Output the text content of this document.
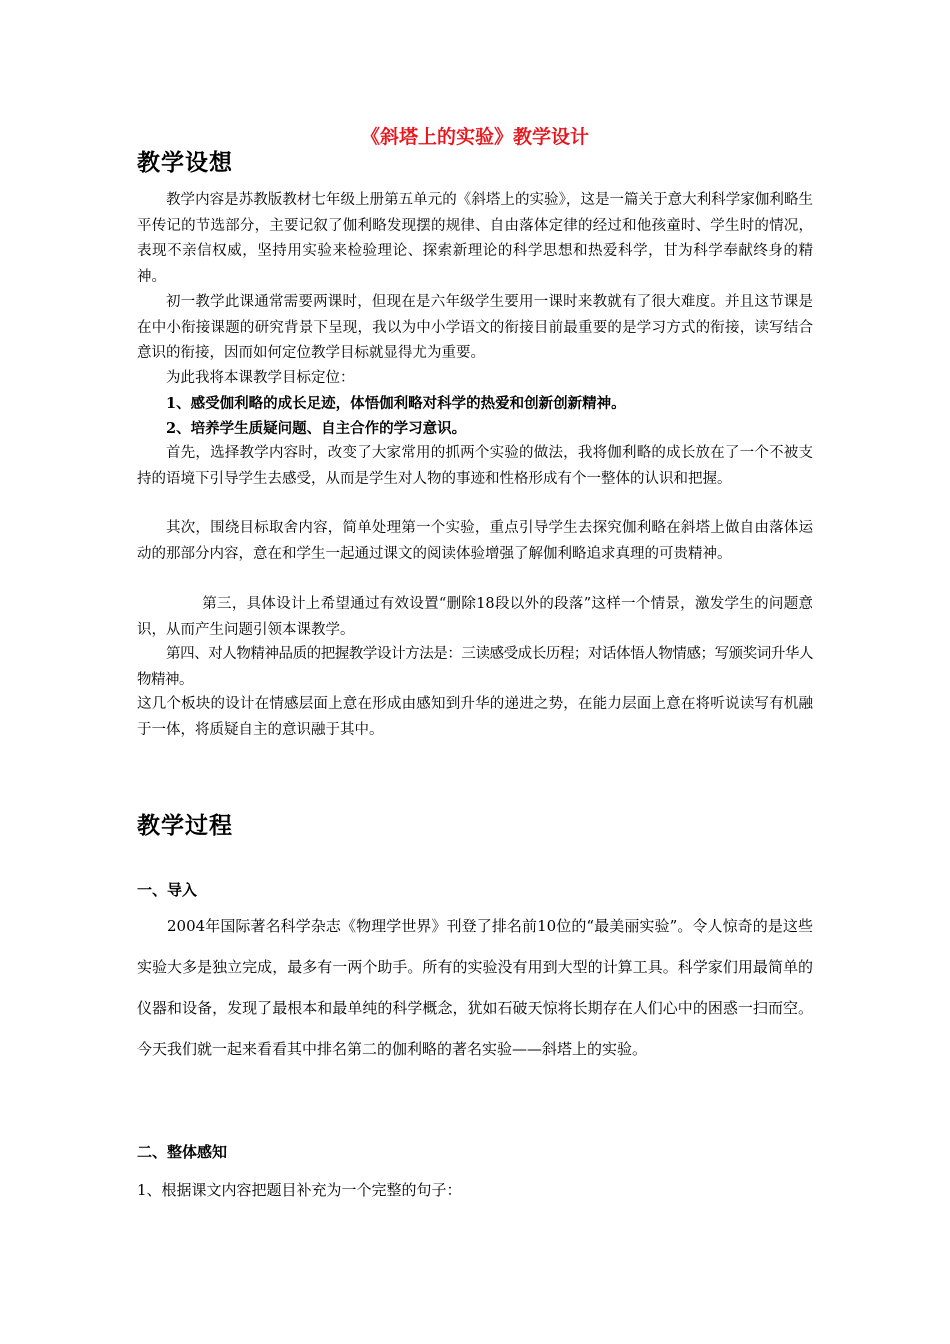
《斜塔上的实验》教学设计
教学设想

教学内容是苏教版教材七年级上册第五单元的《斜塔上的实验》，这是一篇关于意大利科学家伽利略生平传记的节选部分，主要记叙了伽利略发现摆的规律、自由落体定律的经过和他孩童时、学生时的情况，表现不亲信权威，坚持用实验来检验理论、探索新理论的科学思想和热爱科学，甘为科学奉献终身的精神。

初一教学此课通常需要两课时，但现在是六年级学生要用一课时来教就有了很大难度。并且这节课是在中小衔接课题的研究背景下呈现，我以为中小学语文的衔接目前最重要的是学习方式的衔接，读写结合意识的衔接，因而如何定位教学目标就显得尤为重要。

为此我将本课教学目标定位：

1、感受伽利略的成长足迹，体悟伽利略对科学的热爱和创新创新精神。

2、培养学生质疑问题、自主合作的学习意识。

首先，选择教学内容时，改变了大家常用的抓两个实验的做法，我将伽利略的成长放在了一个不被支持的语境下引导学生去感受，从而是学生对人物的事迹和性格形成有个一整体的认识和把握。

其次，围绕目标取舍内容，简单处理第一个实验，重点引导学生去探究伽利略在斜塔上做自由落体运动的那部分内容，意在和学生一起通过课文的阅读体验增强了解伽利略追求真理的可贵精神。

第三，具体设计上希望通过有效设置“删除18段以外的段落”这样一个情景，激发学生的问题意识，从而产生问题引领本课教学。

第四、对人物精神品质的把握教学设计方法是：三读感受成长历程；对话体悟人物情感；写颁奖词升华人物精神。

这几个板块的设计在情感层面上意在形成由感知到升华的递进之势，在能力层面上意在将听说读写有机融于一体，将质疑自主的意识融于其中。

教学过程
一、导入

2004年国际著名科学杂志《物理学世界》刊登了排名前10位的“最美丽实验”。令人惊奇的是这些实验大多是独立完成，最多有一两个助手。所有的实验没有用到大型的计算工具。科学家们用最简单的仪器和设备，发现了最根本和最单纯的科学概念，犹如石破天惊将长期存在人们心中的困惑一扫而空。今天我们就一起来看看其中排名第二的伽利略的著名实验——斜塔上的实验。

二、整体感知

1、根据课文内容把题目补充为一个完整的句子：
